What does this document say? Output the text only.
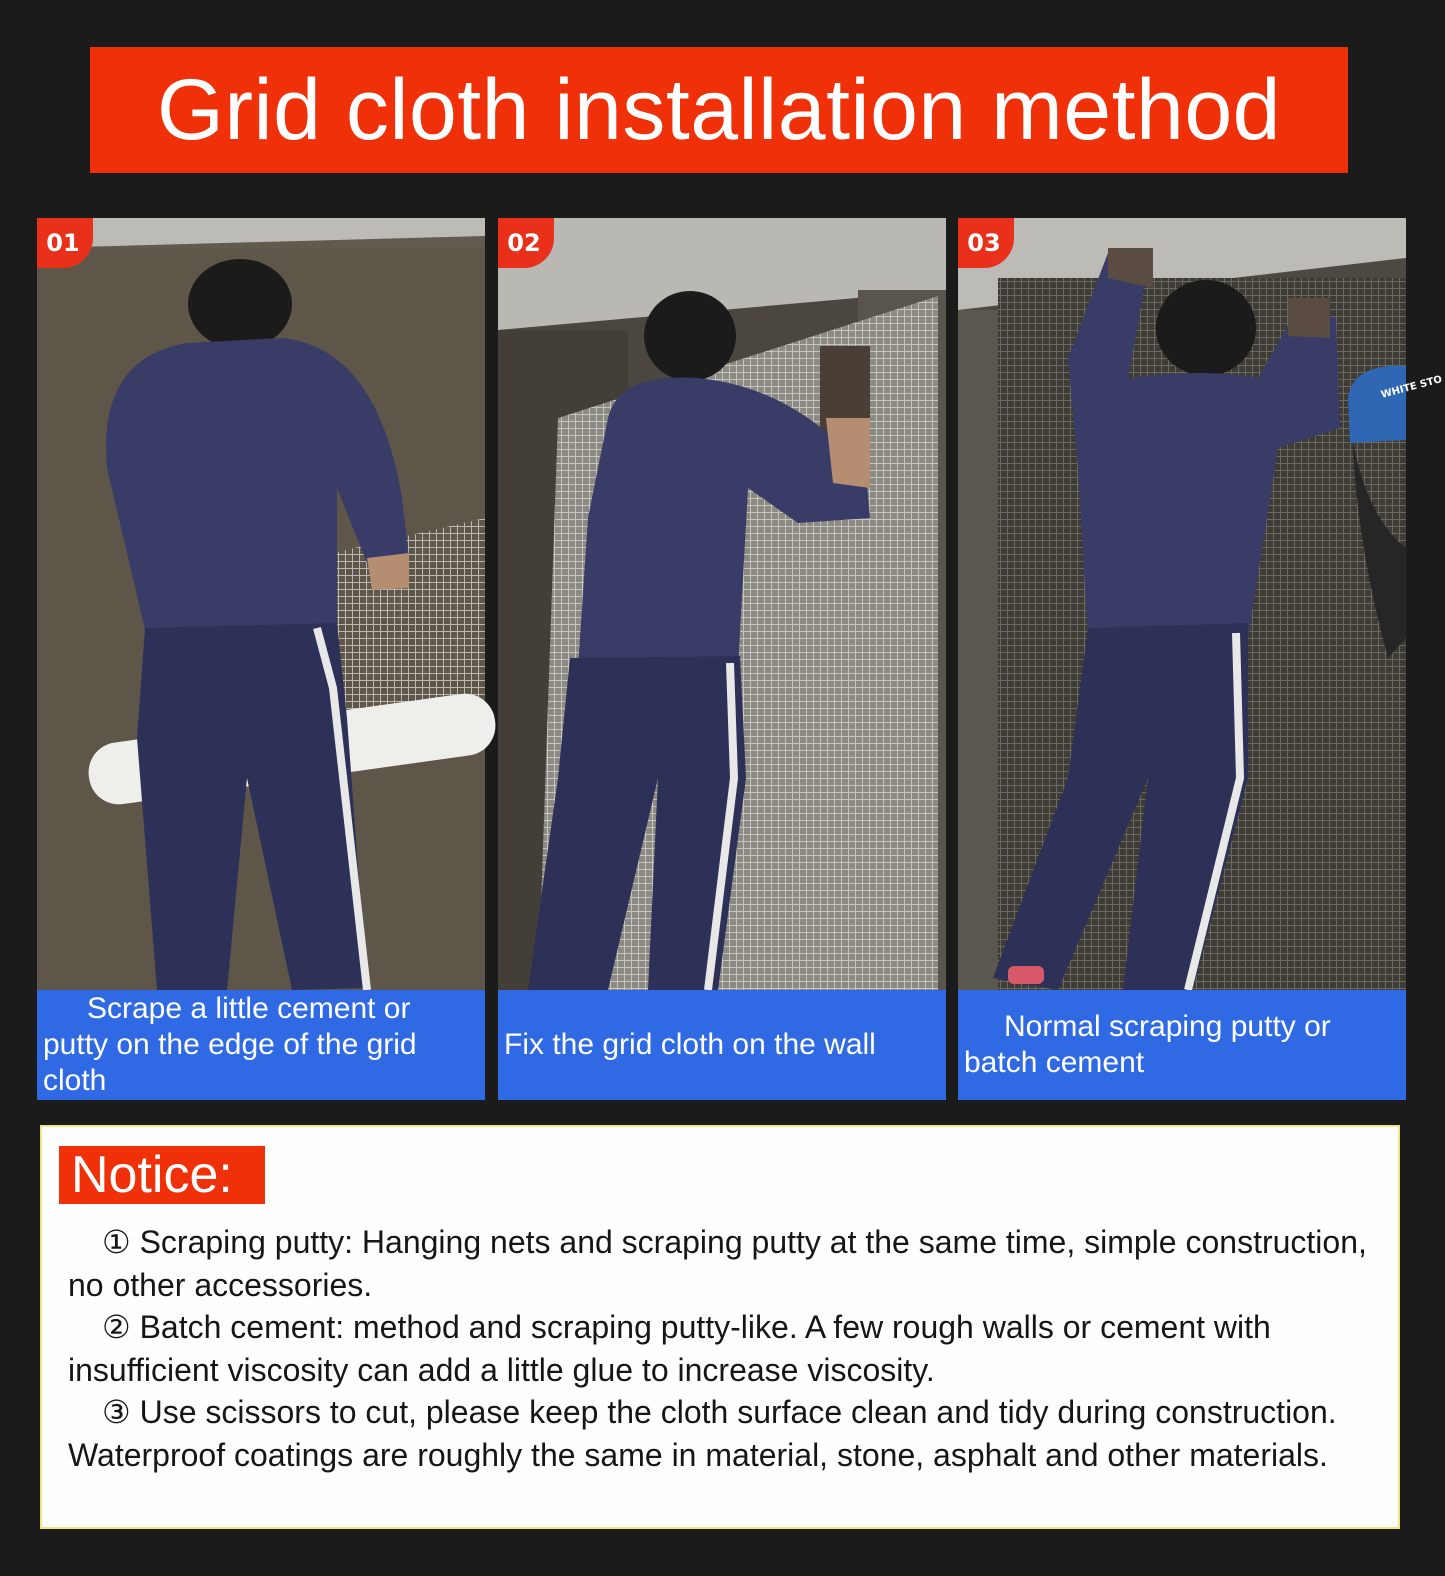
Grid cloth installation method
01
Scrape a little cement or putty on the edge of the grid cloth
02
Fix the grid cloth on the wall
WHITE STO
03
Normal scraping putty or batch cement
Notice:

① Scraping putty: Hanging nets and scraping putty at the same time, simple construction, no other accessories.

② Batch cement: method and scraping putty-like. A few rough walls or cement with insufficient viscosity can add a little glue to increase viscosity.

③ Use scissors to cut, please keep the cloth surface clean and tidy during construction. Waterproof coatings are roughly the same in material, stone, asphalt and other materials.
